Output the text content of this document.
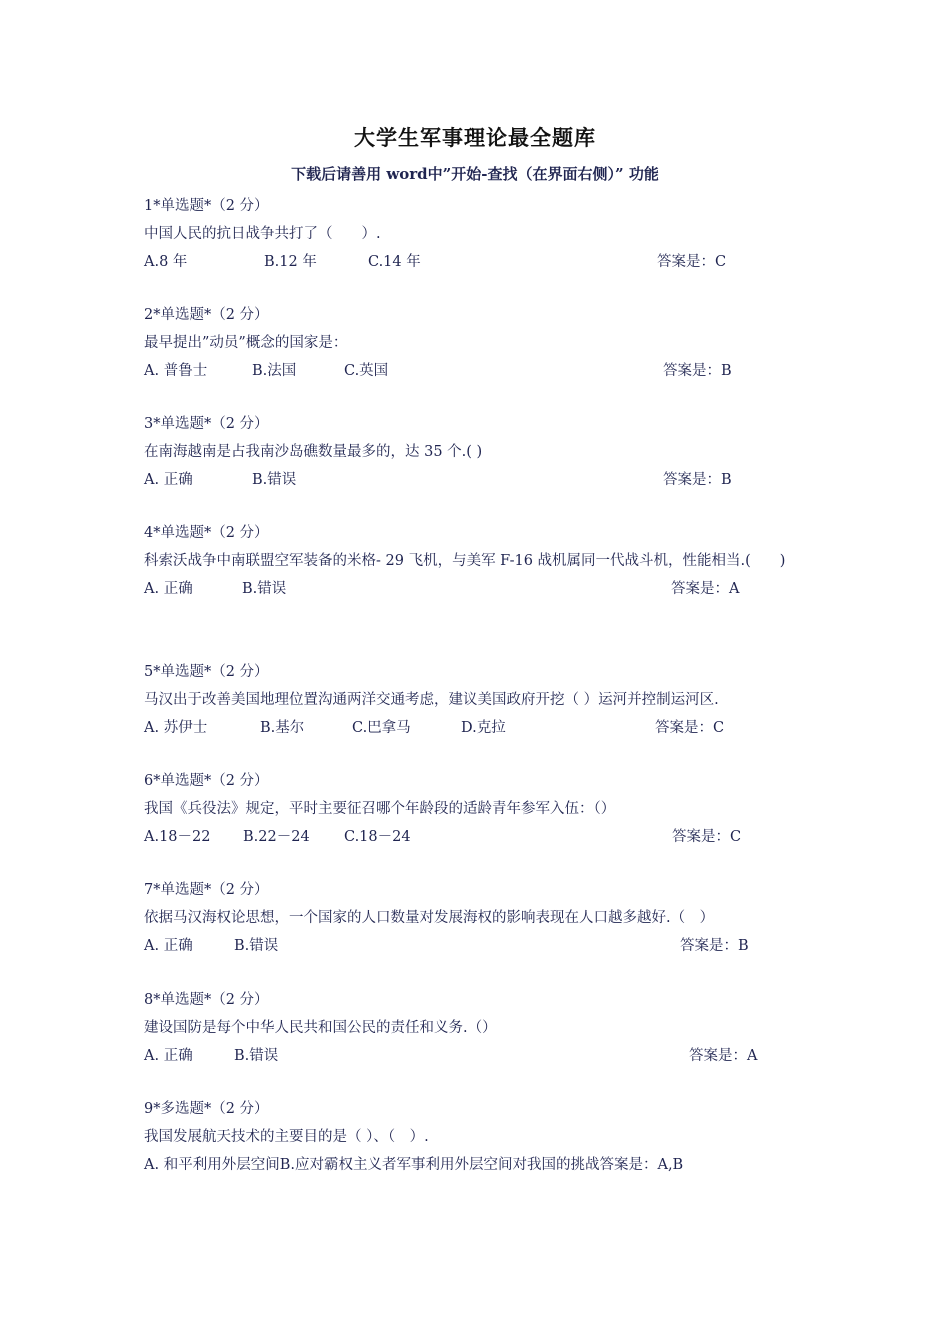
大学生军事理论最全题库
下载后请善用 word中”开始-查找（在界面右侧）” 功能
1*单选题*（2 分）
中国人民的抗日战争共打了（　　）.
A.8 年	B.12 年	C.14 年	答案是：C
2*单选题*（2 分）
最早提出”动员”概念的国家是：
A. 普鲁士	B.法国	C.英国	答案是：B
3*单选题*（2 分）
在南海越南是占我南沙岛礁数量最多的，达 35 个.( )
A. 正确	B.错误	答案是：B
4*单选题*（2 分）
科索沃战争中南联盟空军装备的米格- 29 飞机，与美军 F-16 战机属同一代战斗机，性能相当.(　　)
A. 正确	B.错误	答案是：A
5*单选题*（2 分）
马汉出于改善美国地理位置沟通两洋交通考虑，建议美国政府开挖（ ）运河并控制运河区.
A. 苏伊士	B.基尔	C.巴拿马	D.克拉	答案是：C
6*单选题*（2 分）
我国《兵役法》规定，平时主要征召哪个年龄段的适龄青年参军入伍：（）
A.18－22 B.22－24 C.18－24	答案是：C
7*单选题*（2 分）
依据马汉海权论思想，一个国家的人口数量对发展海权的影响表现在人口越多越好.（　）
A. 正确	B.错误	答案是：B
8*单选题*（2 分）
建设国防是每个中华人民共和国公民的责任和义务.（）
A. 正确	B.错误	答案是：A
9*多选题*（2 分）
我国发展航天技术的主要目的是（ ）、（　）.
A. 和平利用外层空间B.应对霸权主义者军事利用外层空间对我国的挑战答案是：A,B
